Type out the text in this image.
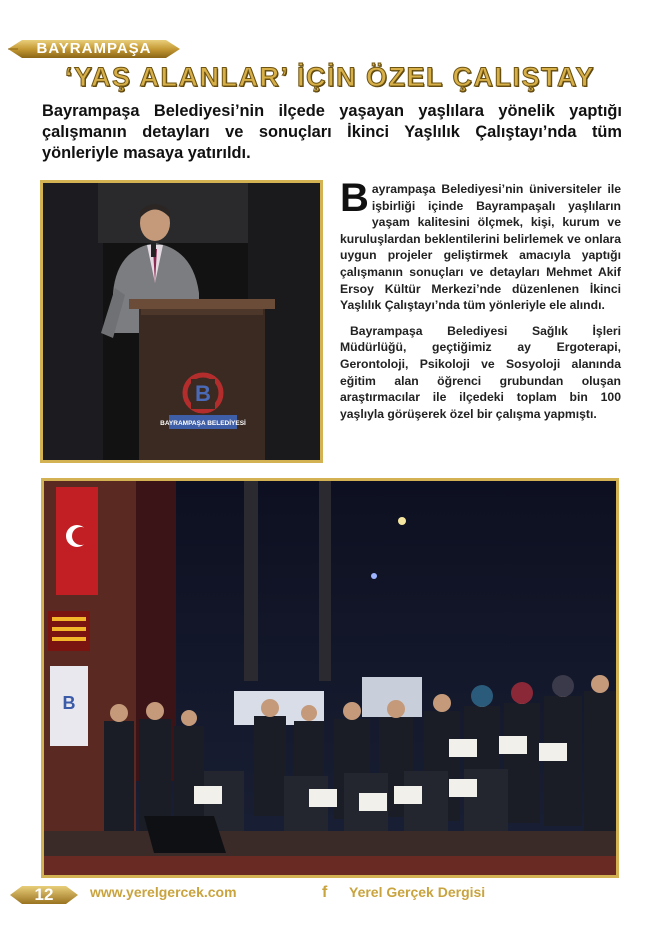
BAYRAMPAŞA
‘YAŞ ALANLAR’ İÇİN ÖZEL ÇALIŞTAY
Bayrampaşa Belediyesi’nin ilçede yaşayan yaşlılara yönelik yaptığı çalışmanın detayları ve sonuçları İkinci Yaşlılık Çalıştayı’nda tüm yönleriyle masaya yatırıldı.
B
BAYRAMPAŞA BELEDİYESİ

Bayrampaşa Belediyesi’nin üniversiteler ile işbirliği içinde Bayrampaşalı yaşlıların yaşam kalitesini ölçmek, kişi, kurum ve kuruluşlardan beklentilerini belirlemek ve onlara uygun projeler geliştirmek amacıyla yaptığı çalışmanın sonuçları ve detayları Mehmet Akif Ersoy Kültür Merkezi’nde düzenlenen İkinci Yaşlılık Çalıştayı’nda tüm yönleriyle ele alındı.

Bayrampaşa Belediyesi Sağlık İşleri Müdürlüğü, geçtiğimiz ay Ergoterapi, Gerontoloji, Psikoloji ve Sosyoloji alanında eğitim alan öğrenci grubundan oluşan araştırmacılar ile ilçedeki toplam bin 100 yaşlıyla görüşerek özel bir çalışma yapmıştı.

B
12	www.yerelgercek.com	f Yerel Gerçek Dergisi
